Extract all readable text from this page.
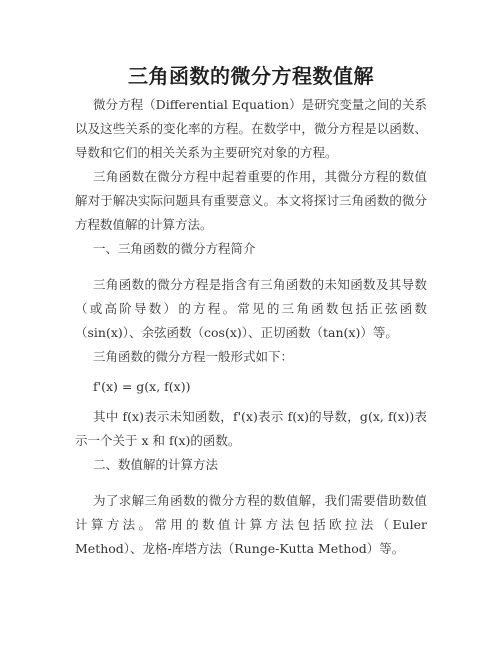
三角函数的微分方程数值解

微分方程（Differential Equation）是研究变量之间的关系以及这些关系的变化率的方程。在数学中，微分方程是以函数、导数和它们的相关关系为主要研究对象的方程。

三角函数在微分方程中起着重要的作用，其微分方程的数值解对于解决实际问题具有重要意义。本文将探讨三角函数的微分方程数值解的计算方法。

一、三角函数的微分方程简介

三角函数的微分方程是指含有三角函数的未知函数及其导数（或高阶导数）的方程。常见的三角函数包括正弦函数（sin(x)）、余弦函数（cos(x)）、正切函数（tan(x)）等。

三角函数的微分方程一般形式如下：

f'(x) = g(x, f(x))

其中 f(x)表示未知函数，f'(x)表示 f(x)的导数，g(x, f(x))表示一个关于 x 和 f(x)的函数。

二、数值解的计算方法

为了求解三角函数的微分方程的数值解，我们需要借助数值计算方法。常用的数值计算方法包括欧拉法（Euler Method）、龙格-库塔方法（Runge-Kutta Method）等。
